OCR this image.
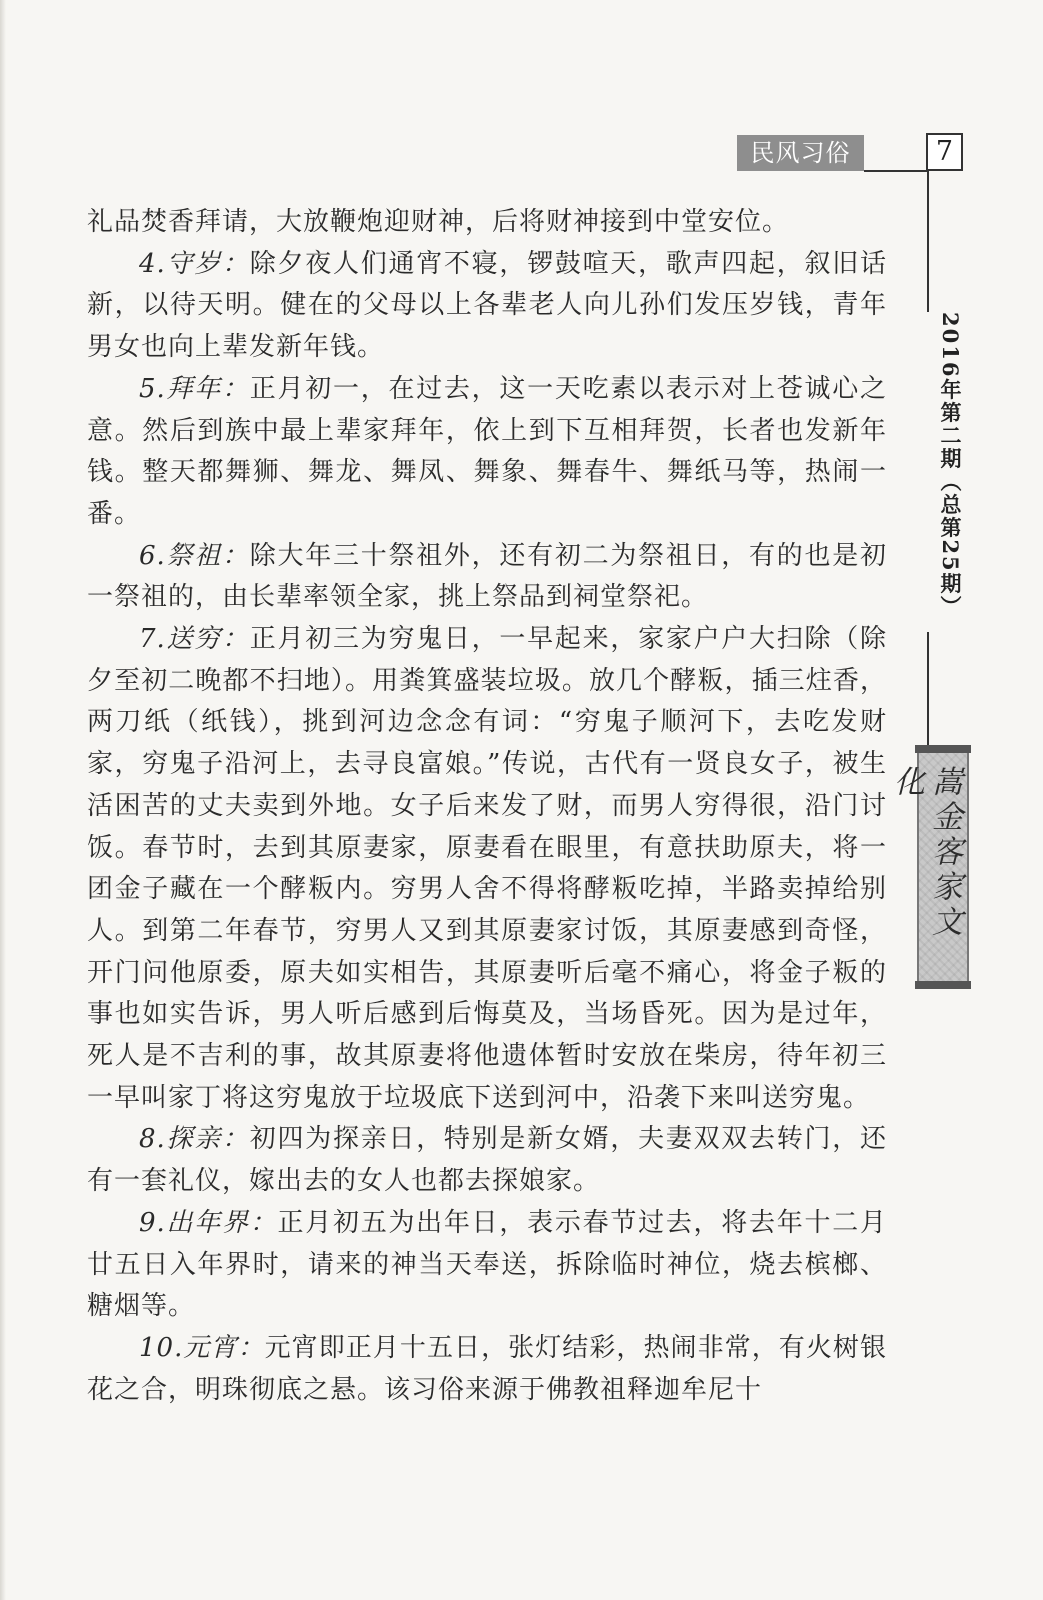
民风习俗	7
2016年第二期（总第25期）
嵩金客家文化

礼品焚香拜请，大放鞭炮迎财神，后将财神接到中堂安位。

4.守岁：除夕夜人们通宵不寝，锣鼓喧天，歌声四起，叙旧话新，以待天明。健在的父母以上各辈老人向儿孙们发压岁钱，青年男女也向上辈发新年钱。

5.拜年：正月初一，在过去，这一天吃素以表示对上苍诚心之意。然后到族中最上辈家拜年，依上到下互相拜贺，长者也发新年钱。整天都舞狮、舞龙、舞凤、舞象、舞春牛、舞纸马等，热闹一番。

6.祭祖：除大年三十祭祖外，还有初二为祭祖日，有的也是初一祭祖的，由长辈率领全家，挑上祭品到祠堂祭祀。

7.送穷：正月初三为穷鬼日，一早起来，家家户户大扫除（除夕至初二晚都不扫地）。用粪箕盛装垃圾。放几个酵粄，插三炷香，两刀纸（纸钱），挑到河边念念有词：“穷鬼子顺河下，去吃发财家，穷鬼子沿河上，去寻良富娘。”传说，古代有一贤良女子，被生活困苦的丈夫卖到外地。女子后来发了财，而男人穷得很，沿门讨饭。春节时，去到其原妻家，原妻看在眼里，有意扶助原夫，将一团金子藏在一个酵粄内。穷男人舍不得将酵粄吃掉，半路卖掉给别人。到第二年春节，穷男人又到其原妻家讨饭，其原妻感到奇怪，开门问他原委，原夫如实相告，其原妻听后毫不痛心，将金子粄的事也如实告诉，男人听后感到后悔莫及，当场昏死。因为是过年，死人是不吉利的事，故其原妻将他遗体暂时安放在柴房，待年初三一早叫家丁将这穷鬼放于垃圾底下送到河中，沿袭下来叫送穷鬼。

8.探亲：初四为探亲日，特别是新女婿，夫妻双双去转门，还有一套礼仪，嫁出去的女人也都去探娘家。

9.出年界：正月初五为出年日，表示春节过去，将去年十二月廿五日入年界时，请来的神当天奉送，拆除临时神位，烧去槟榔、糖烟等。

10.元宵：元宵即正月十五日，张灯结彩，热闹非常，有火树银花之合，明珠彻底之悬。该习俗来源于佛教祖释迦牟尼十
